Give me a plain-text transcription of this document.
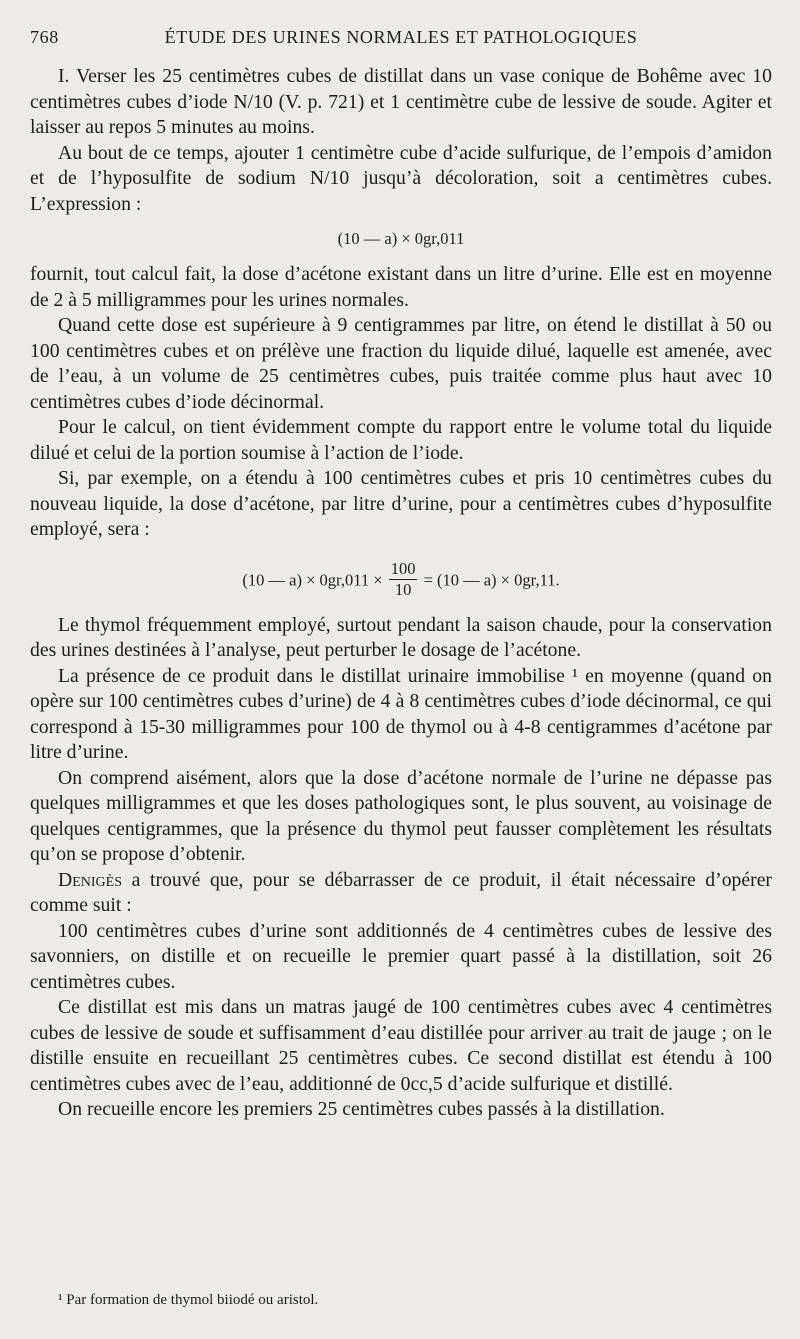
768	ÉTUDE DES URINES NORMALES ET PATHOLOGIQUES

I. Verser les 25 centimètres cubes de distillat dans un vase conique de Bohême avec 10 centimètres cubes d’iode N/10 (V. p. 721) et 1 centimètre cube de lessive de soude. Agiter et laisser au repos 5 minutes au moins.

Au bout de ce temps, ajouter 1 centimètre cube d’acide sulfurique, de l’empois d’amidon et de l’hyposulfite de sodium N/10 jusqu’à décoloration, soit a centimètres cubes. L’expression :

(10 — a) × 0gr,011

fournit, tout calcul fait, la dose d’acétone existant dans un litre d’urine. Elle est en moyenne de 2 à 5 milligrammes pour les urines normales.

Quand cette dose est supérieure à 9 centigrammes par litre, on étend le distillat à 50 ou 100 centimètres cubes et on prélève une fraction du liquide dilué, laquelle est amenée, avec de l’eau, à un volume de 25 centimètres cubes, puis traitée comme plus haut avec 10 centimètres cubes d’iode décinormal.

Pour le calcul, on tient évidemment compte du rapport entre le volume total du liquide dilué et celui de la portion soumise à l’action de l’iode.

Si, par exemple, on a étendu à 100 centimètres cubes et pris 10 centimètres cubes du nouveau liquide, la dose d’acétone, par litre d’urine, pour a centimètres cubes d’hyposulfite employé, sera :

(10 — $a) \times 0gr,011 \times \frac{100}{10} = (10$ — a) × 0gr,11.

Le thymol fréquemment employé, surtout pendant la saison chaude, pour la conservation des urines destinées à l’analyse, peut perturber le dosage de l’acétone.

La présence de ce produit dans le distillat urinaire immobilise ¹ en moyenne (quand on opère sur 100 centimètres cubes d’urine) de 4 à 8 centimètres cubes d’iode décinormal, ce qui correspond à 15-30 milligrammes pour 100 de thymol ou à 4-8 centigrammes d’acétone par litre d’urine.

On comprend aisément, alors que la dose d’acétone normale de l’urine ne dépasse pas quelques milligrammes et que les doses pathologiques sont, le plus souvent, au voisinage de quelques centigrammes, que la présence du thymol peut fausser complètement les résultats qu’on se propose d’obtenir.

Denigès a trouvé que, pour se débarrasser de ce produit, il était nécessaire d’opérer comme suit :

100 centimètres cubes d’urine sont additionnés de 4 centimètres cubes de lessive des savonniers, on distille et on recueille le premier quart passé à la distillation, soit 26 centimètres cubes.

Ce distillat est mis dans un matras jaugé de 100 centimètres cubes avec 4 centimètres cubes de lessive de soude et suffisamment d’eau distillée pour arriver au trait de jauge ; on le distille ensuite en recueillant 25 centimètres cubes. Ce second distillat est étendu à 100 centimètres cubes avec de l’eau, additionné de 0cc,5 d’acide sulfurique et distillé.

On recueille encore les premiers 25 centimètres cubes passés à la distillation.

¹ Par formation de thymol biiodé ou aristol.
